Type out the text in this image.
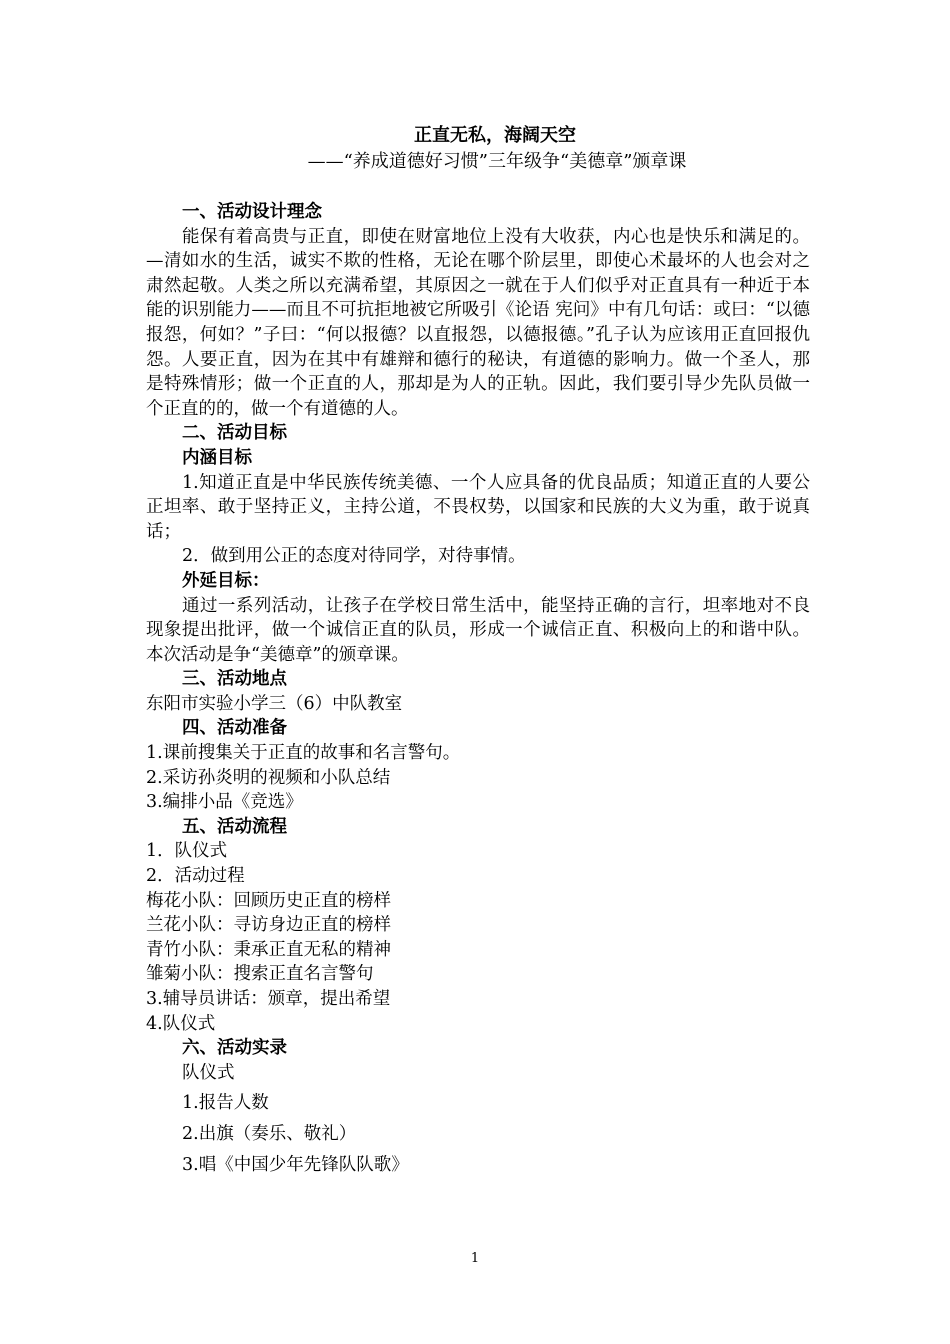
正直无私，海阔天空
——“养成道德好习惯”三年级争“美德章”颁章课

一、活动设计理念

能保有着高贵与正直，即使在财富地位上没有大收获，内心也是快乐和满足的。 —清如水的生活，诚实不欺的性格，无论在哪个阶层里，即使心术最坏的人也会对之肃然起敬。人类之所以充满希望，其原因之一就在于人们似乎对正直具有一种近于本能的识别能力——而且不可抗拒地被它所吸引《论语 宪问》中有几句话：或曰：“以德报怨，何如？”子曰：“何以报德？以直报怨，以德报德。”孔子认为应该用正直回报仇怨。人要正直，因为在其中有雄辩和德行的秘诀，有道德的影响力。做一个圣人，那是特殊情形；做一个正直的人，那却是为人的正轨。因此，我们要引导少先队员做一个正直的的，做一个有道德的人。

二、活动目标

内涵目标

1.知道正直是中华民族传统美德、一个人应具备的优良品质；知道正直的人要公正坦率、敢于坚持正义，主持公道，不畏权势，以国家和民族的大义为重，敢于说真话；

2．做到用公正的态度对待同学，对待事情。

外延目标：

通过一系列活动，让孩子在学校日常生活中，能坚持正确的言行，坦率地对不良现象提出批评，做一个诚信正直的队员，形成一个诚信正直、积极向上的和谐中队。本次活动是争“美德章”的颁章课。

三、活动地点

东阳市实验小学三（6）中队教室

四、活动准备

1.课前搜集关于正直的故事和名言警句。

2.采访孙炎明的视频和小队总结

3.编排小品《竞选》

五、活动流程

1．队仪式

2．活动过程

梅花小队：回顾历史正直的榜样

兰花小队：寻访身边正直的榜样

青竹小队：秉承正直无私的精神

雏菊小队：搜索正直名言警句

3.辅导员讲话：颁章，提出希望

4.队仪式

六、活动实录

队仪式

1.报告人数

2.出旗（奏乐、敬礼）

3.唱《中国少年先锋队队歌》

1
